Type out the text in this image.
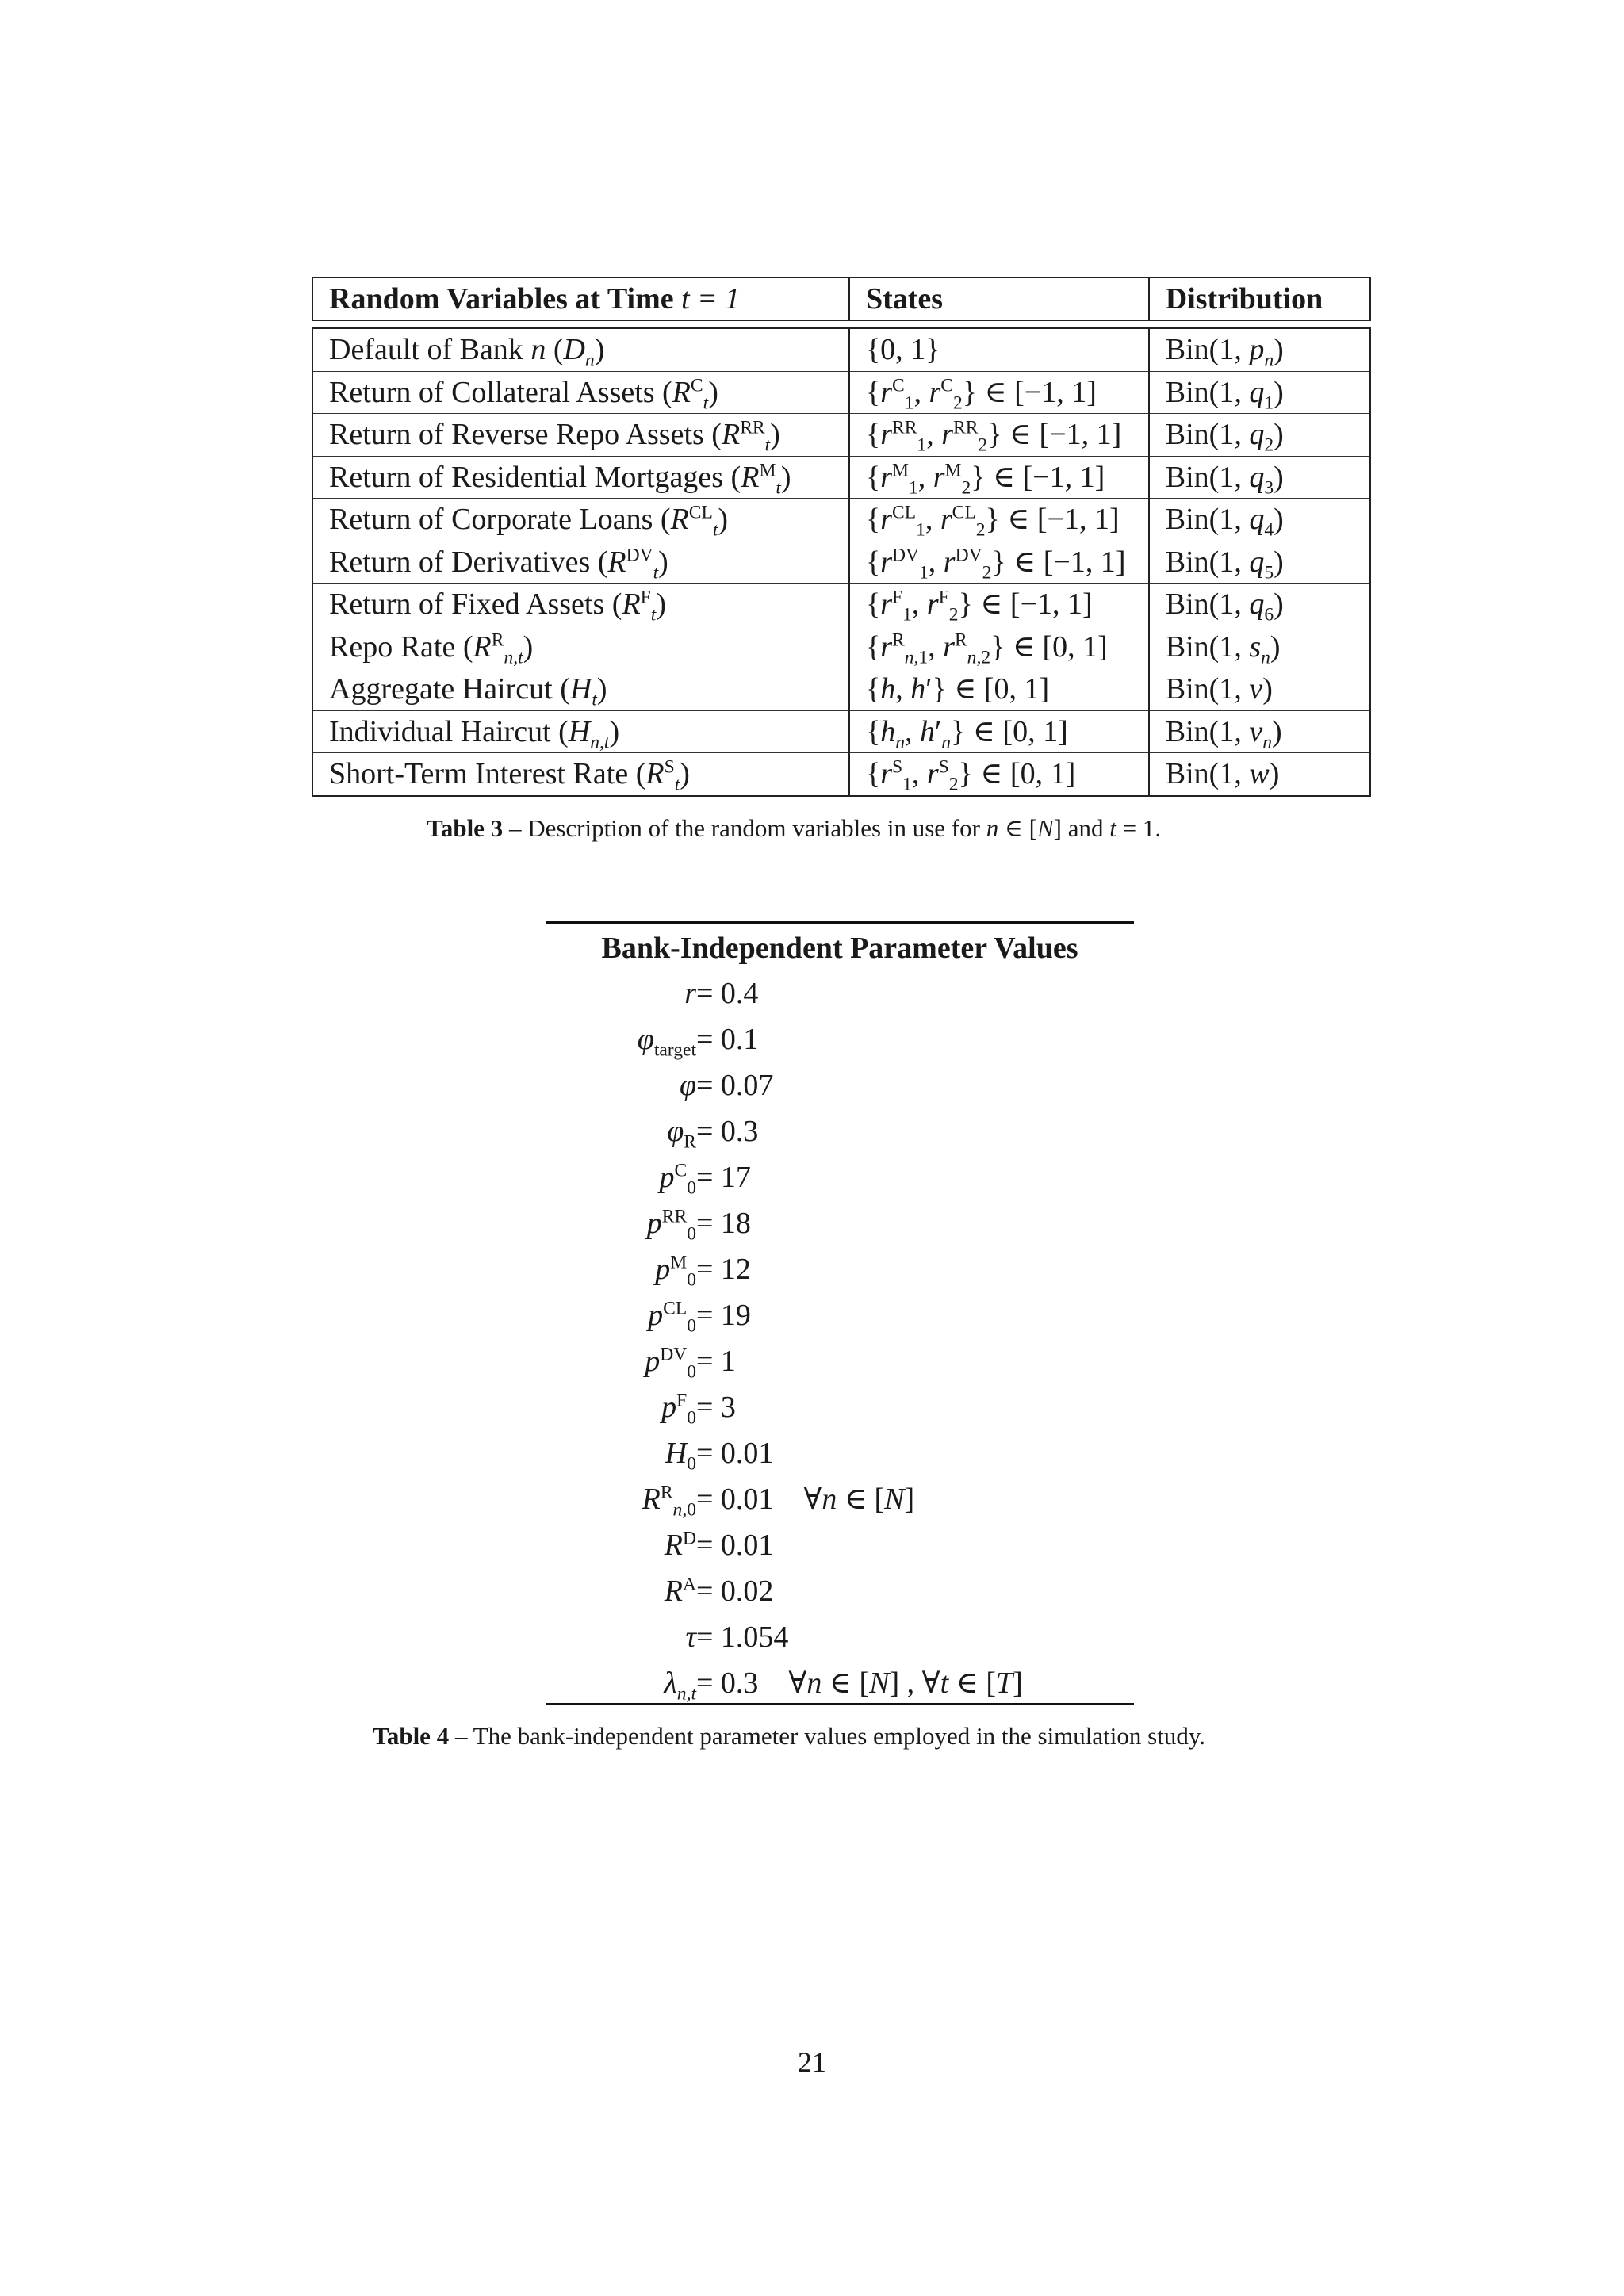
Random Variables at Time t = 1	States	Distribution

Default of Bank n $(D_n)$	{0, 1}	Bin(1, $p_n$)
Return of Collateral Assets $(R^C_t)$	{$r^C_1$, $r^C_2$} ∈ [−1, 1]	Bin(1, $q_1$)
Return of Reverse Repo Assets $(R^{RR}_t)$	{$r^{RR}_1$, $r^{RR}_2$} ∈ [−1, 1]	Bin(1, $q_2$)
Return of Residential Mortgages $(R^M_t)$	{$r^M_1$, $r^M_2$} ∈ [−1, 1]	Bin(1, $q_3$)
Return of Corporate Loans $(R^{CL}_t)$	{$r^{CL}_1$, $r^{CL}_2$} ∈ [−1, 1]	Bin(1, $q_4$)
Return of Derivatives $(R^{DV}_t)$	{$r^{DV}_1$, $r^{DV}_2$} ∈ [−1, 1]	Bin(1, $q_5$)
Return of Fixed Assets $(R^F_t)$	{$r^F_1$, $r^F_2$} ∈ [−1, 1]	Bin(1, $q_6$)
Repo Rate $(R^R_{n,t})$	{$r^R_{n,1}$, $r^R_{n,2}$} ∈ [0, 1]	Bin(1, $s_n$)
Aggregate Haircut $(H_t)$	{h, h′} ∈ [0, 1]	Bin(1, v)
Individual Haircut $(H_{n,t})$	{$h_n$, $h'_n$} ∈ [0, 1]	Bin(1, $v_n$)
Short-Term Interest Rate $(R^S_t)$	{$r^S_1$, $r^S_2$} ∈ [0, 1]	Bin(1, w)
Table 3 – Description of the random variables in use for n ∈ [N] and t = 1.
Bank-Independent Parameter Values
r = 0.4
$\varphi_{target} = 0.1$
φ = 0.07
$\varphi_R = 0.3$
$p^C_0 = 17$
$p^{RR}_0 = 18$
$p^M_0 = 12$
$p^{CL}_0 = 19$
$p^{DV}_0 = 1$
$p^F_0 = 3$
$H_0 = 0.01$
$R^R_{n,0} = 0.01$    ∀n ∈ [N]
$R^D = 0.01$
$R^A = 0.02$
τ = 1.054
$\lambda_{n,t} = 0.3$    ∀n ∈ [N] , ∀t ∈ [T]
Table 4 – The bank-independent parameter values employed in the simulation study.
21
